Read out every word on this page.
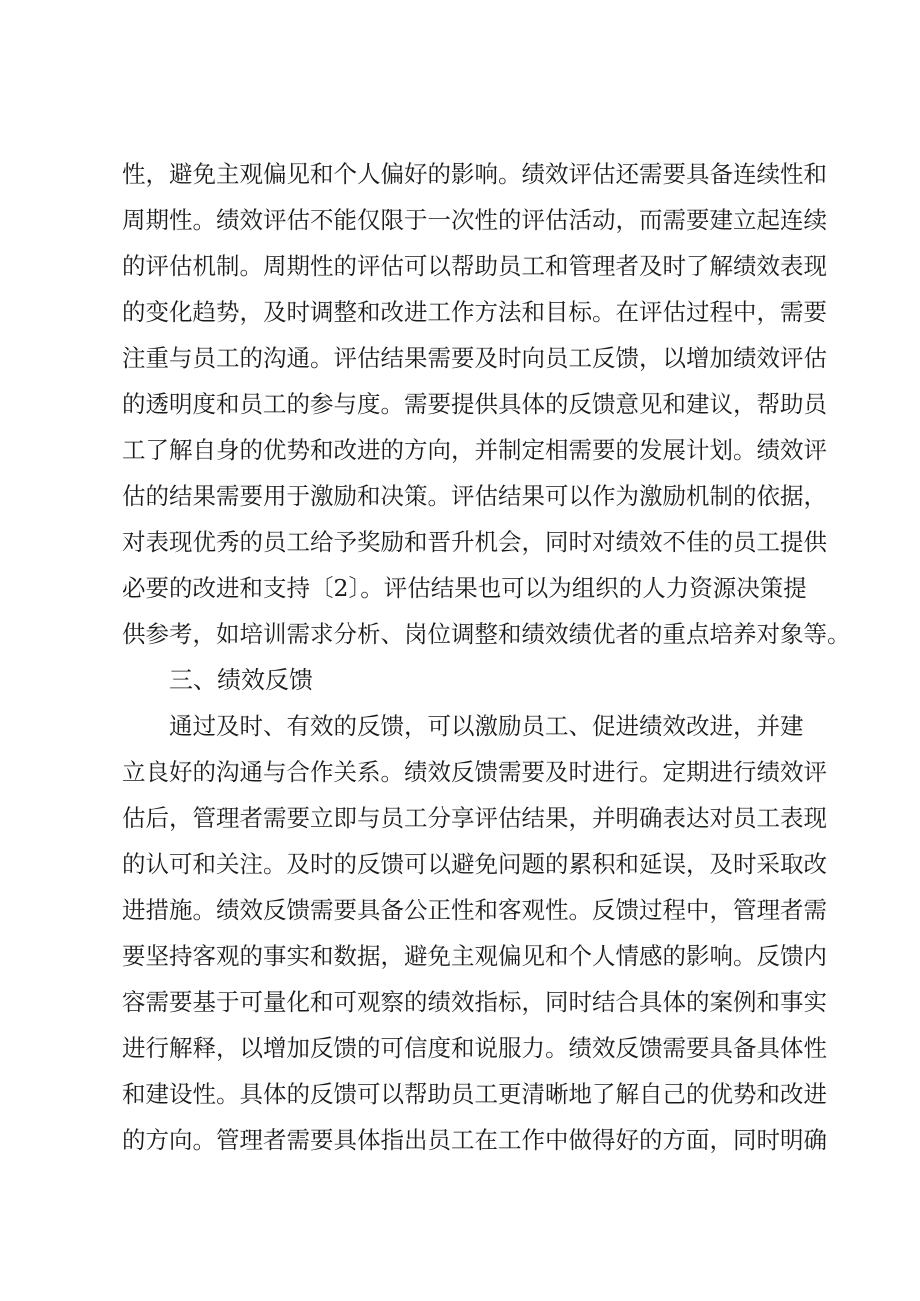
性，避免主观偏见和个人偏好的影响。绩效评估还需要具备连续性和
周期性。绩效评估不能仅限于一次性的评估活动，而需要建立起连续
的评估机制。周期性的评估可以帮助员工和管理者及时了解绩效表现
的变化趋势，及时调整和改进工作方法和目标。在评估过程中，需要
注重与员工的沟通。评估结果需要及时向员工反馈，以增加绩效评估
的透明度和员工的参与度。需要提供具体的反馈意见和建议，帮助员
工了解自身的优势和改进的方向，并制定相需要的发展计划。绩效评
估的结果需要用于激励和决策。评估结果可以作为激励机制的依据，
对表现优秀的员工给予奖励和晋升机会，同时对绩效不佳的员工提供
必要的改进和支持〔2〕。评估结果也可以为组织的人力资源决策提
供参考，如培训需求分析、岗位调整和绩效绩优者的重点培养对象等。
三、绩效反馈
通过及时、有效的反馈，可以激励员工、促进绩效改进，并建
立良好的沟通与合作关系。绩效反馈需要及时进行。定期进行绩效评
估后，管理者需要立即与员工分享评估结果，并明确表达对员工表现
的认可和关注。及时的反馈可以避免问题的累积和延误，及时采取改
进措施。绩效反馈需要具备公正性和客观性。反馈过程中，管理者需
要坚持客观的事实和数据，避免主观偏见和个人情感的影响。反馈内
容需要基于可量化和可观察的绩效指标，同时结合具体的案例和事实
进行解释，以增加反馈的可信度和说服力。绩效反馈需要具备具体性
和建设性。具体的反馈可以帮助员工更清晰地了解自己的优势和改进
的方向。管理者需要具体指出员工在工作中做得好的方面，同时明确
